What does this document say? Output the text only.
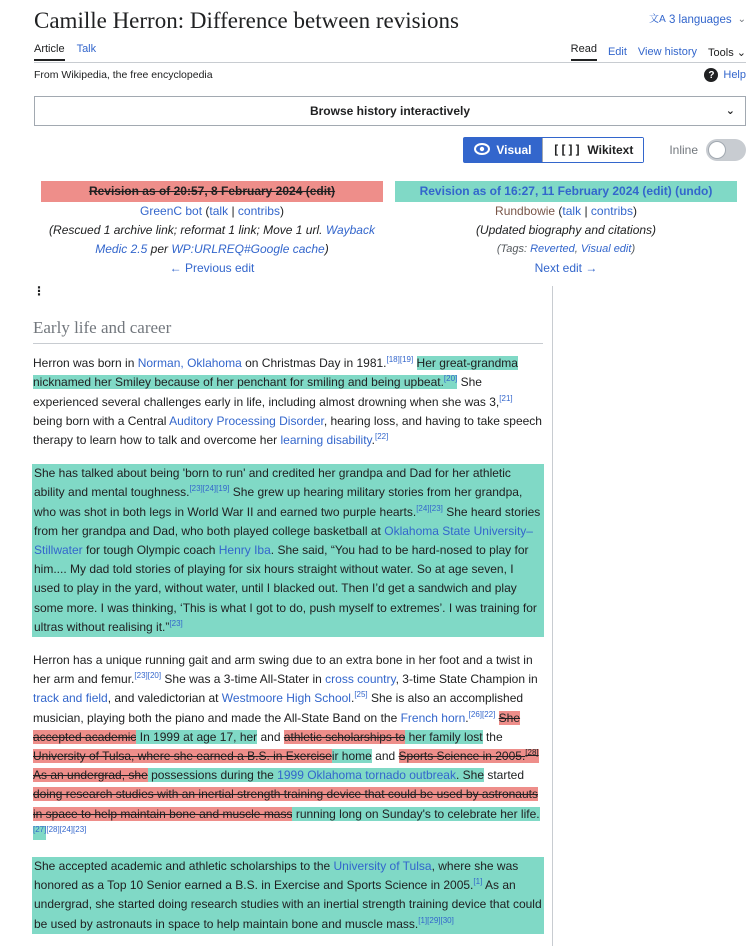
Camille Herron: Difference between revisions	文A 3 languages ⌄
Article Talk	Read Edit View history Tools ⌄
From Wikipedia, the free encyclopedia	? Help
Browse history interactively	⌄
Visual [[]] Wikitext	Inline
Revision as of 20:57, 8 February 2024 (edit)
GreenC bot (talk | contribs)
(Rescued 1 archive link; reformat 1 link; Move 1 url. Wayback
Medic 2.5 per WP:URLREQ#Google cache)
← Previous edit
Revision as of 16:27, 11 February 2024 (edit) (undo)
Rundbowie (talk | contribs)
(Updated biography and citations)
(Tags: Reverted, Visual edit)
Next edit →
⋮
Early life and career

Herron was born in Norman, Oklahoma on Christmas Day in 1981.[18][19] Her great-grandma nicknamed her Smiley because of her penchant for smiling and being upbeat.[20] She experienced several challenges early in life, including almost drowning when she was 3,[21] being born with a Central Auditory Processing Disorder, hearing loss, and having to take speech therapy to learn how to talk and overcome her learning disability.[22]

She has talked about being 'born to run' and credited her grandpa and Dad for her athletic ability and mental toughness.[23][24][19] She grew up hearing military stories from her grandpa, who was shot in both legs in World War II and earned two purple hearts.[24][23] She heard stories from her grandpa and Dad, who both played college basketball at Oklahoma State University–Stillwater for tough Olympic coach Henry Iba. She said, “You had to be hard-nosed to play for him.... My dad told stories of playing for six hours straight without water. So at age seven, I used to play in the yard, without water, until I blacked out. Then I’d get a sandwich and play some more. I was thinking, ‘This is what I got to do, push myself to extremes’. I was training for ultras without realising it.”[23]

Herron has a unique running gait and arm swing due to an extra bone in her foot and a twist in her arm and femur.[23][20] She was a 3-time All-Stater in cross country, 3-time State Champion in track and field, and valedictorian at Westmoore High School.[25] She is also an accomplished musician, playing both the piano and made the All-State Band on the French horn.[26][22] She accepted academic In 1999 at age 17, her and athletic scholarships to her family lost the University of Tulsa, where she earned a B.S. in Exerciseir home and Sports Science in 2005.[28] As an undergrad, she possessions during the 1999 Oklahoma tornado outbreak. She started doing research studies with an inertial strength training device that could be used by astronauts in space to help maintain bone and muscle mass running long on Sunday's to celebrate her life.[27][28][24][23]

She accepted academic and athletic scholarships to the University of Tulsa, where she was honored as a Top 10 Senior earned a B.S. in Exercise and Sports Science in 2005.[1] As an undergrad, she started doing research studies with an inertial strength training device that could be used by astronauts in space to help maintain bone and muscle mass.[1][29][30]
